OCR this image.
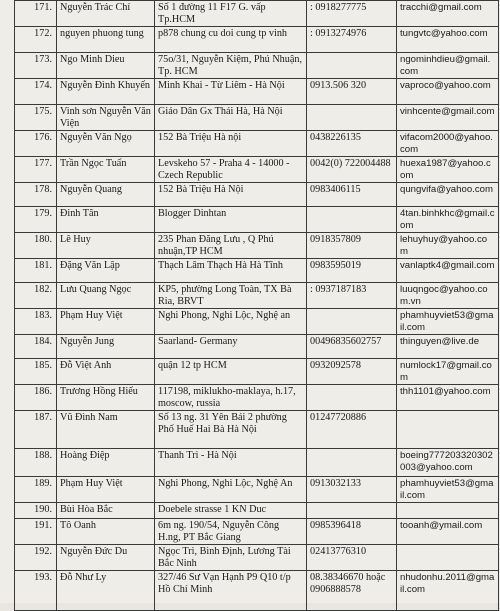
171.	Nguyễn Trác Chí	Số 1 đường 11 F17 G. vấp Tp.HCM	: 0918277775	tracchi@gmail.com
172.	nguyen phuong tung	p878 chung cu doi cung tp vinh	: 0913274976	tungvtc@yahoo.com
173.	Ngo Minh Dieu	75o/31, Nguyễn Kiệm, Phú Nhuận, Tp. HCM		ngominhdieu@gmail.com
174.	Nguyễn Đình Khuyến	Minh Khai - Từ Liêm - Hà Nội	0913.506 320	vaproco@yahoo.com
175.	Vinh sơn Nguyễn Văn Viện	Giáo Dân Gx Thái Hà, Hà Nội		vinhcente@gmail.com
176.	Nguyễn Văn Ngọ	152 Bà Triệu Hà nội	0438226135	vifacom2000@yahoo.com
177.	Trần Ngọc Tuấn	Levskeho 57 - Praha 4 - 14000 - Czech Republic	0042(0) 722004488	huexa1987@yahoo.com
178.	Nguyễn Quang	152 Bà Triệu Hà Nội	0983406115	qungvifa@yahoo.com
179.	Đinh Tân	Blogger Dinhtan		4tan.binhkhc@gmail.com
180.	Lê Huy	235 Phan Đăng Lưu , Q Phú nhuận,TP HCM	0918357809	lehuyhuy@yahoo.com
181.	Đặng Văn Lập	Thạch Lâm Thạch Hà Hà Tĩnh	0983595019	vanlaptk4@gmail.com
182.	Lưu Quang Ngọc	KP5, phường Long Toàn, TX Bà Ria, BRVT	: 0937187183	luuqngoc@yahoo.com.vn
183.	Phạm Huy Việt	Nghi Phong, Nghi Lộc, Nghệ an		phamhuyviet53@gmail.com
184.	Nguyễn Jung	Saarland- Germany	00496835602757	thinguyen@live.de
185.	Đỗ Việt Anh	quận 12 tp HCM	0932092578	numlock17@gmail.com
186.	Trương Hồng Hiếu	117198, miklukho-maklaya, h.17, moscow, russia		thh1101@yahoo.com
187.	Vũ Đình Nam	Số 13 ng. 31 Yên Bái 2 phường Phố Huế Hai Bà Hà Nội	01247720886	
188.	Hoàng Điệp	Thanh Trì - Hà Nội		boeing777203320302003@yahoo.com
189.	Phạm Huy Việt	Nghi Phong, Nghi Lộc, Nghệ An	0913032133	phamhuyviet53@gmail.com
190.	Bùi Hòa Bắc	Doebele strasse 1 KN Duc		
191.	Tô Oanh	6m ng. 190/54, Nguyễn Công H.ng, PT Bắc Giang	0985396418	tooanh@ymail.com
192.	Nguyễn Đức Du	Ngọc Trì, Bình Định, Lương Tài Bắc Ninh	02413776310	
193.	Đỗ Như Ly	327/46 Sư Vạn Hạnh P9 Q10 t/p Hồ Chí Minh	08.38346670 hoặc 0906888578	nhudonhu.2011@gmail.com
